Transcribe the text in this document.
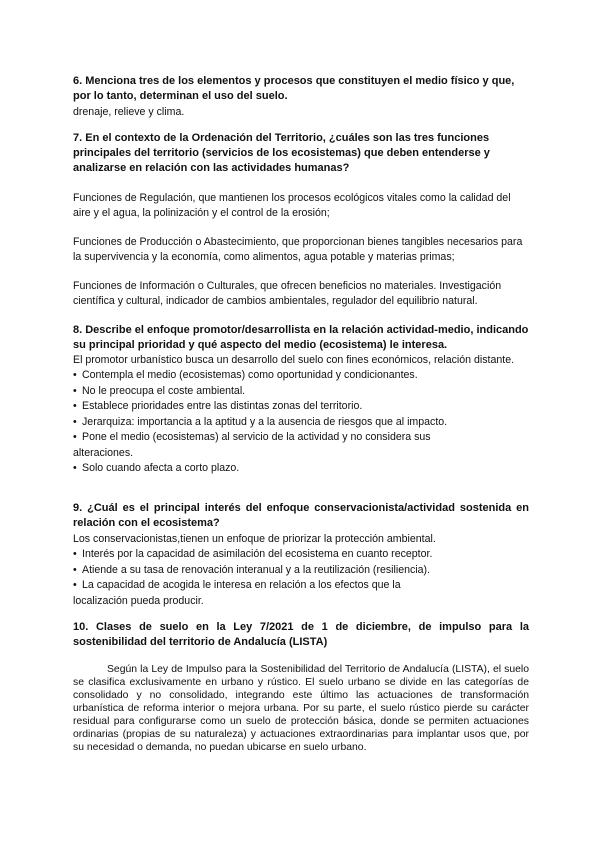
6. Menciona tres de los elementos y procesos que constituyen el medio físico y que, por lo tanto, determinan el uso del suelo.

drenaje, relieve y clima.

7. En el contexto de la Ordenación del Territorio, ¿cuáles son las tres funciones principales del territorio (servicios de los ecosistemas) que deben entenderse y analizarse en relación con las actividades humanas?

Funciones de Regulación, que mantienen los procesos ecológicos vitales como la calidad del aire y el agua, la polinización y el control de la erosión;

Funciones de Producción o Abastecimiento, que proporcionan bienes tangibles necesarios para la supervivencia y la economía, como alimentos, agua potable y materias primas;

Funciones de Información o Culturales, que ofrecen beneficios no materiales. Investigación científica y cultural, indicador de cambios ambientales, regulador del equilibrio natural.

8. Describe el enfoque promotor/desarrollista en la relación actividad-medio, indicando su principal prioridad y qué aspecto del medio (ecosistema) le interesa.

El promotor urbanístico busca un desarrollo del suelo con fines económicos, relación distante.

• Contempla el medio (ecosistemas) como oportunidad y condicionantes.

• No le preocupa el coste ambiental.

• Establece prioridades entre las distintas zonas del territorio.

• Jerarquiza: importancia a la aptitud y a la ausencia de riesgos que al impacto.

• Pone el medio (ecosistemas) al servicio de la actividad y no considera sus alteraciones.

• Solo cuando afecta a corto plazo.

9. ¿Cuál es el principal interés del enfoque conservacionista/actividad sostenida en relación con el ecosistema?

Los conservacionistas,tienen un enfoque de priorizar la protección ambiental.

• Interés por la capacidad de asimilación del ecosistema en cuanto receptor.

• Atiende a su tasa de renovación interanual y a la reutilización (resiliencia).

• La capacidad de acogida le interesa en relación a los efectos que la localización pueda producir.

10. Clases de suelo en la Ley 7/2021 de 1 de diciembre, de impulso para la sostenibilidad del territorio de Andalucía (LISTA)

Según la Ley de Impulso para la Sostenibilidad del Territorio de Andalucía (LISTA), el suelo se clasifica exclusivamente en urbano y rústico. El suelo urbano se divide en las categorías de consolidado y no consolidado, integrando este último las actuaciones de transformación urbanística de reforma interior o mejora urbana. Por su parte, el suelo rústico pierde su carácter residual para configurarse como un suelo de protección básica, donde se permiten actuaciones ordinarias (propias de su naturaleza) y actuaciones extraordinarias para implantar usos que, por su necesidad o demanda, no puedan ubicarse en suelo urbano.
